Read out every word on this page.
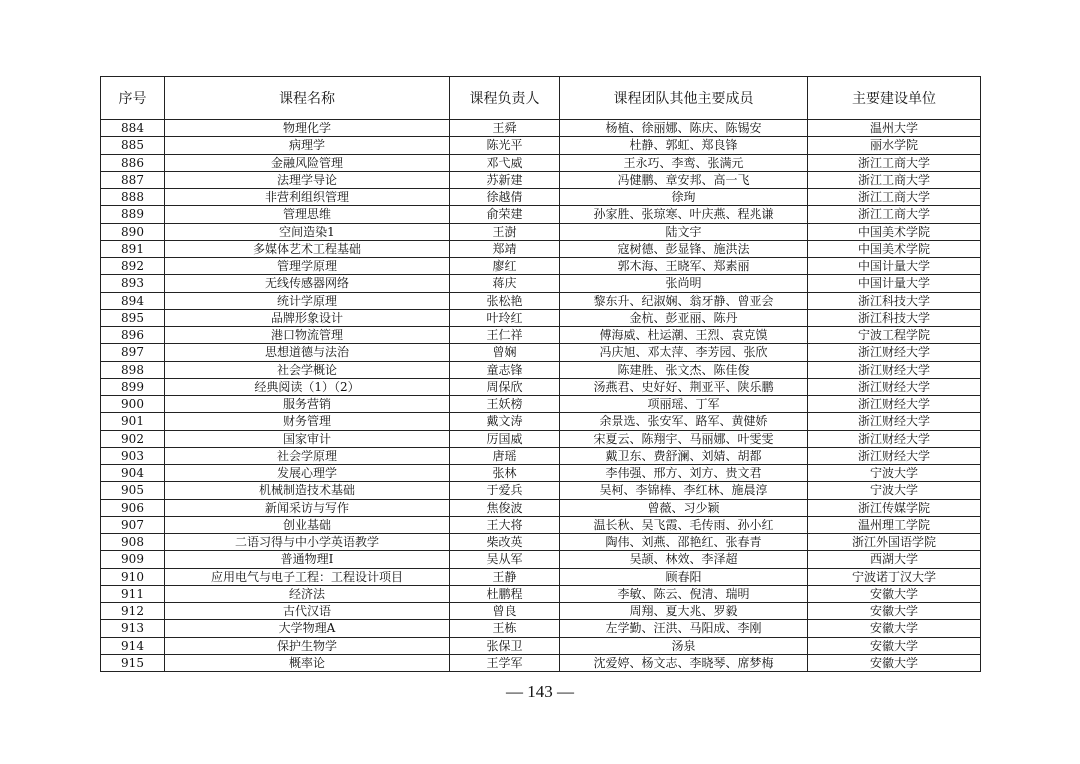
序号	课程名称	课程负责人	课程团队其他主要成员	主要建设单位
884	物理化学	王舜	杨植、徐丽娜、陈庆、陈锡安	温州大学
885	病理学	陈光平	杜静、郭虹、郑良锋	丽水学院
886	金融风险管理	邓弋威	王永巧、李鸾、张满元	浙江工商大学
887	法理学导论	苏新建	冯健鹏、章安邦、高一飞	浙江工商大学
888	非营利组织管理	徐越倩	徐珣	浙江工商大学
889	管理思维	俞荣建	孙家胜、张琼寒、叶庆燕、程兆谦	浙江工商大学
890	空间造染1	王澍	陆文宇	中国美术学院
891	多媒体艺术工程基础	郑靖	寇树德、彭显锋、施洪法	中国美术学院
892	管理学原理	廖红	郭木海、王晓军、郑素丽	中国计量大学
893	无线传感器网络	蒋庆	张尚明	中国计量大学
894	统计学原理	张松艳	黎东升、纪淑娴、翁牙静、曾亚会	浙江科技大学
895	品牌形象设计	叶玲红	金杭、彭亚丽、陈丹	浙江科技大学
896	港口物流管理	王仁祥	傅海威、杜运潮、王烈、袁克馍	宁波工程学院
897	思想道德与法治	曾娴	冯庆旭、邓太萍、李芳园、张欣	浙江财经大学
898	社会学概论	童志锋	陈建胜、张文杰、陈佳俊	浙江财经大学
899	经典阅读（1）（2）	周保欣	汤燕君、史好好、荆亚平、陕乐鹏	浙江财经大学
900	服务营销	王妖榜	项丽瑶、丁军	浙江财经大学
901	财务管理	戴文涛	余景选、张安军、路军、黄健娇	浙江财经大学
902	国家审计	厉国威	宋夏云、陈翔宇、马丽娜、叶雯雯	浙江财经大学
903	社会学原理	唐瑶	戴卫东、费舒澜、刘婧、胡都	浙江财经大学
904	发展心理学	张林	李伟强、邢方、刘方、贵文君	宁波大学
905	机械制造技术基础	于爱兵	吴柯、李锦棒、李红林、施晨淳	宁波大学
906	新闻采访与写作	焦俊波	曾薇、习少颖	浙江传媒学院
907	创业基础	王大将	温长秋、吴飞霞、毛传雨、孙小红	温州理工学院
908	二语习得与中小学英语教学	柴改英	陶伟、刘燕、邵艳红、张春青	浙江外国语学院
909	普通物理Ⅰ	吴从军	吴颉、林效、李泽超	西湖大学
910	应用电气与电子工程：工程设计项目	王静	顾春阳	宁波诺丁汉大学
911	经济法	杜鹏程	李敏、陈云、倪清、瑞明	安徽大学
912	古代汉语	曾良	周翔、夏大兆、罗毅	安徽大学
913	大学物理A	王栋	左学勤、汪洪、马阳成、李刚	安徽大学
914	保护生物学	张保卫	汤泉	安徽大学
915	概率论	王学军	沈爱婷、杨文志、李晓琴、席梦梅	安徽大学
— 143 —
